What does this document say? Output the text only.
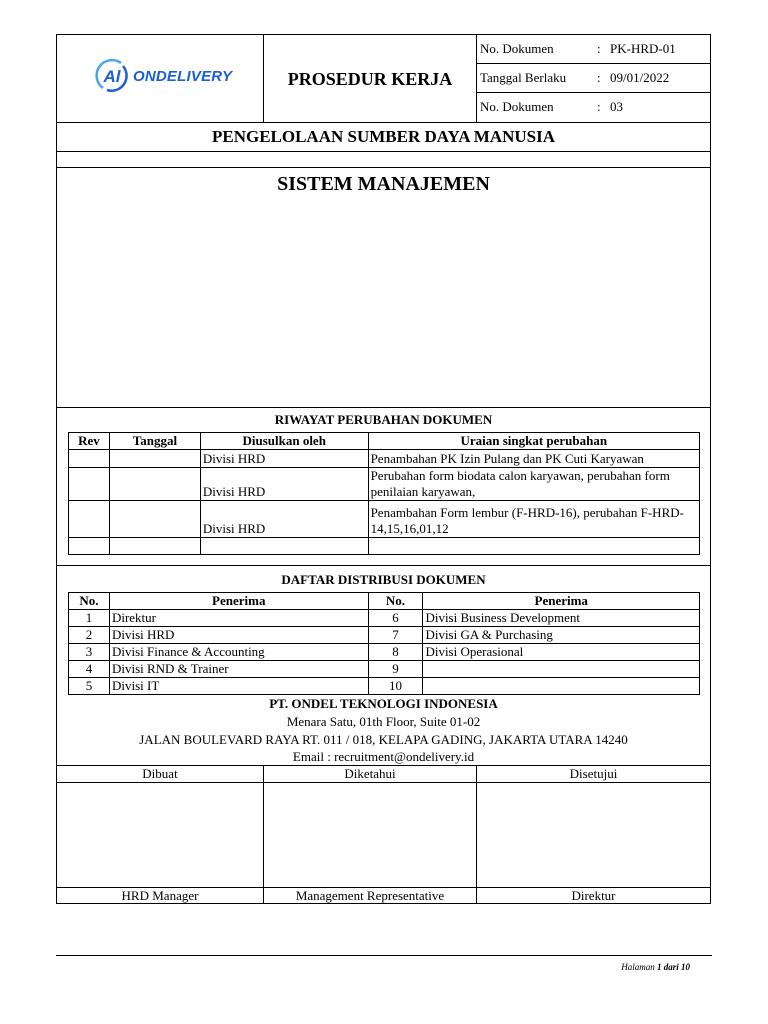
Al ONDELIVERY	PROSEDUR KERJA
No. Dokumen	: PK-HRD-01
Tanggal Berlaku : 09/01/2022
No. Dokumen	: 03
PENGELOLAAN SUMBER DAYA MANUSIA
SISTEM MANAJEMEN
RIWAYAT PERUBAHAN DOKUMEN
Rev	Tanggal	Diusulkan oleh	Uraian singkat perubahan
		Divisi HRD	Penambahan PK Izin Pulang dan PK Cuti Karyawan
		Divisi HRD	Perubahan form biodata calon karyawan, perubahan form penilaian karyawan,
		Divisi HRD	Penambahan Form lembur (F-HRD-16), perubahan F-HRD-14,15,16,01,12

DAFTAR DISTRIBUSI DOKUMEN
No.	Penerima	No.	Penerima
1	Direktur	6	Divisi Business Development
2	Divisi HRD	7	Divisi GA & Purchasing
3	Divisi Finance & Accounting	8	Divisi Operasional
4	Divisi RND & Trainer	9	
5	Divisi IT	10	
PT. ONDEL TEKNOLOGI INDONESIA
Menara Satu, 01th Floor, Suite 01-02
JALAN BOULEVARD RAYA RT. 011 / 018, KELAPA GADING, JAKARTA UTARA 14240
Email : recruitment@ondelivery.id
Dibuat
HRD Manager
Diketahui
Management Representative
Disetujui
Direktur
Halaman 1 dari 10
